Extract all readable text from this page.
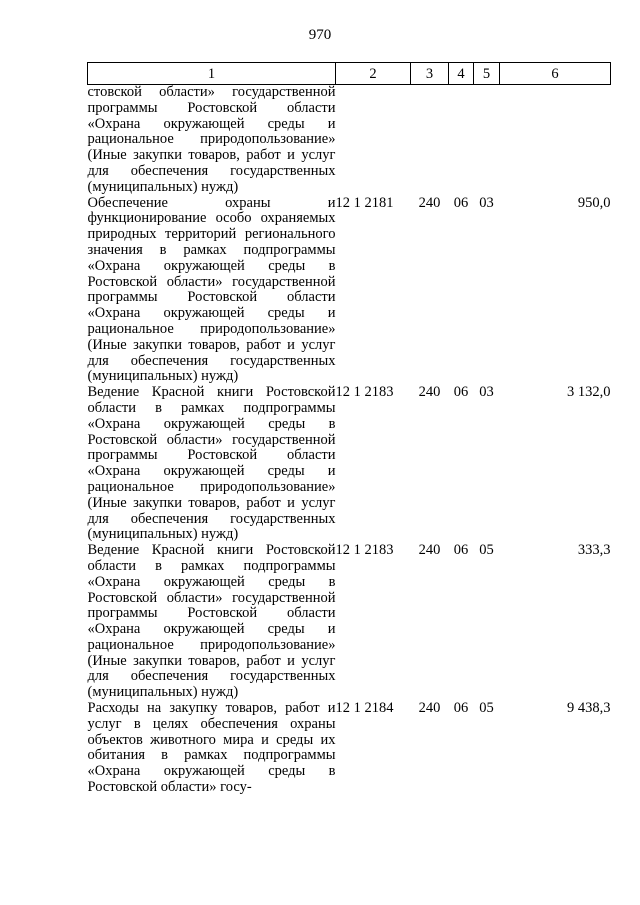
970
1	2	3	4	5	6
стовской области» государственной программы Ростовской области «Охрана окружающей среды и рациональное природопользование» (Иные закупки товаров, работ и услуг для обеспечения государственных (муниципальных) нужд)					
Обеспечение охраны и функционирование особо охраняемых природных территорий регионального значения в рамках подпрограммы «Охрана окружающей среды в Ростовской области» государственной программы Ростовской области «Охрана окружающей среды и рациональное природопользование» (Иные закупки товаров, работ и услуг для обеспечения государственных (муниципальных) нужд)	12 1 2181	240	06	03	950,0
Ведение Красной книги Ростовской области в рамках подпрограммы «Охрана окружающей среды в Ростовской области» государственной программы Ростовской области «Охрана окружающей среды и рациональное природопользование» (Иные закупки товаров, работ и услуг для обеспечения государственных (муниципальных) нужд)	12 1 2183	240	06	03	3 132,0
Ведение Красной книги Ростовской области в рамках подпрограммы «Охрана окружающей среды в Ростовской области» государственной программы Ростовской области «Охрана окружающей среды и рациональное природопользование» (Иные закупки товаров, работ и услуг для обеспечения государственных (муниципальных) нужд)	12 1 2183	240	06	05	333,3
Расходы на закупку товаров, работ и услуг в целях обеспечения охраны объектов животного мира и среды их обитания в рамках подпрограммы «Охрана окружающей среды в Ростовской области» госу-	12 1 2184	240	06	05	9 438,3
